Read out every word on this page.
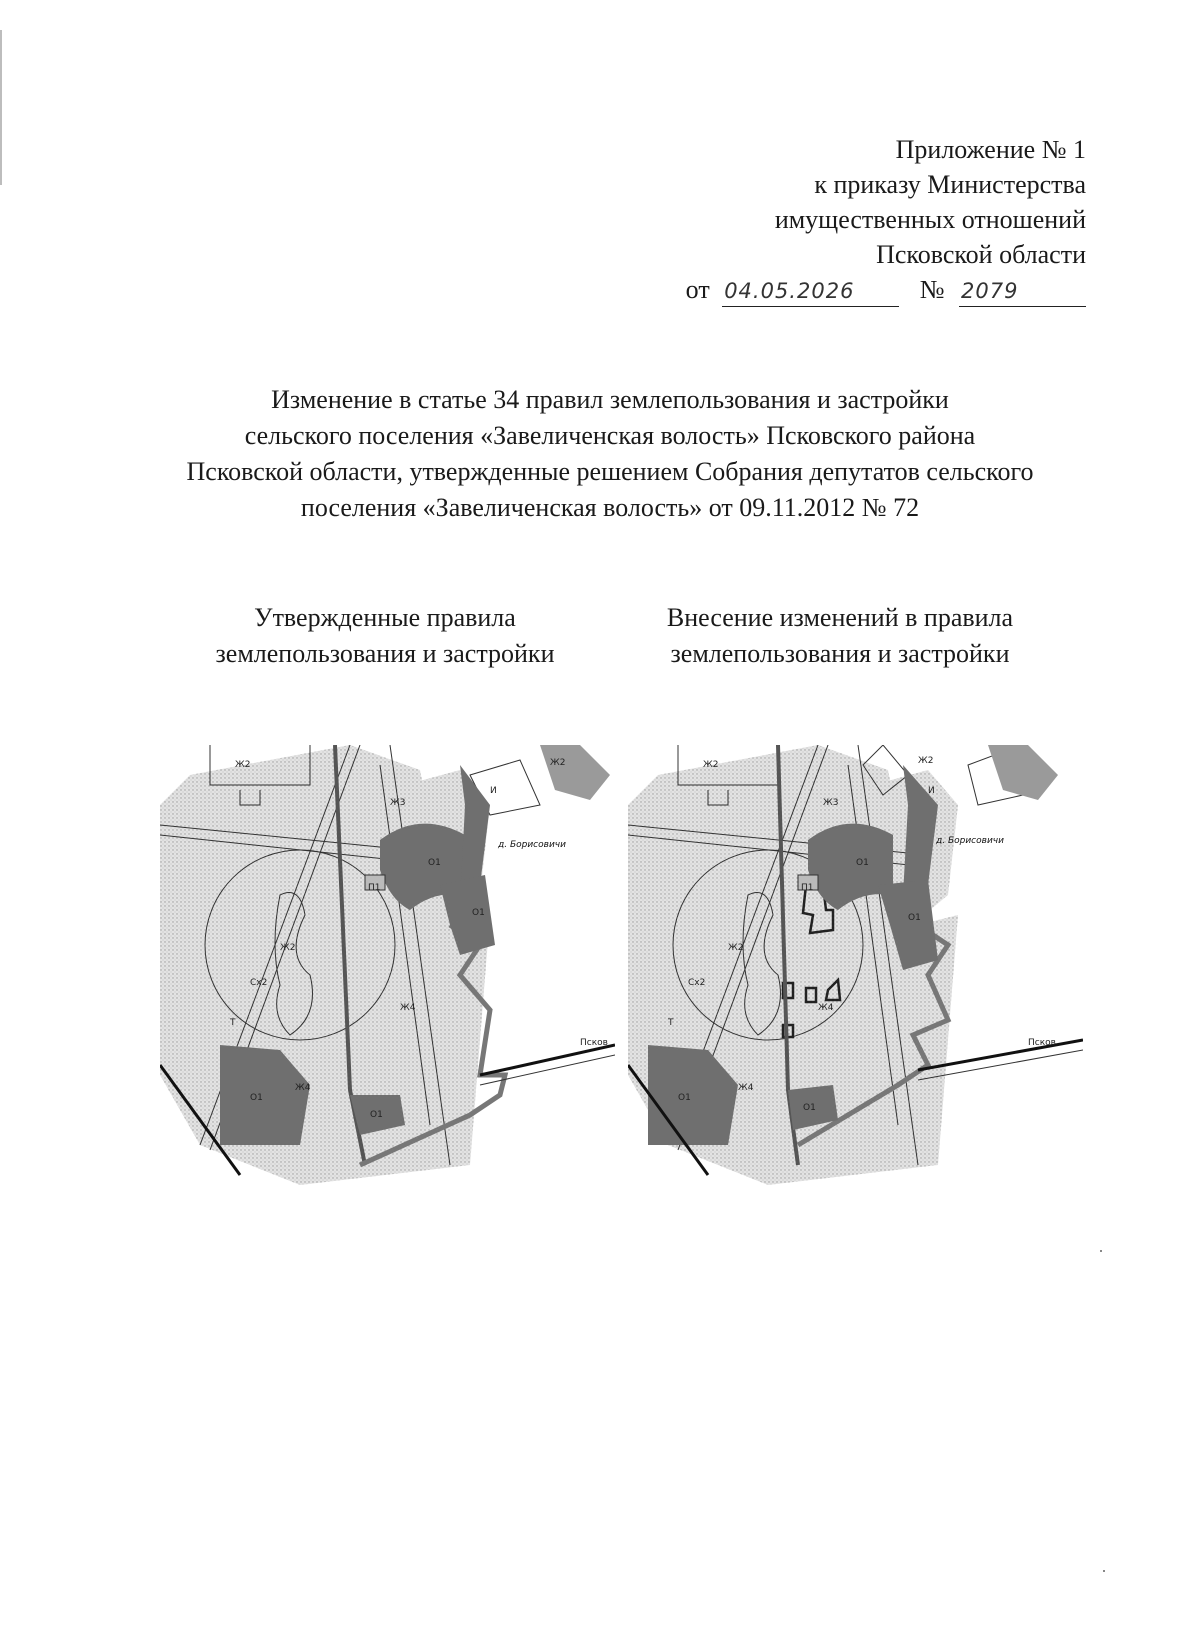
Приложение № 1
к приказу Министерства
имущественных отношений
Псковской области
от 04.05.2026	№ 2079
Изменение в статье 34 правил землепользования и застройки
сельского поселения «Завеличенская волость» Псковского района
Псковской области, утвержденные решением Собрания депутатов сельского
поселения «Завеличенская волость» от 09.11.2012 № 72
Утвержденные правила
землепользования и застройки
Внесение изменений в правила
землепользования и застройки
Ж2	Ж2
Ж3
Ж4
Ж4
Ж2
Сх2
О1
О1
О1
О1
П1
Т
И
д. Борисовичи
Псков
Ж2	Ж2
Ж3
Ж4
Ж4
Ж2
Сх2
О1
О1
О1
О1
П1
Т
И
д. Борисовичи
Псков
